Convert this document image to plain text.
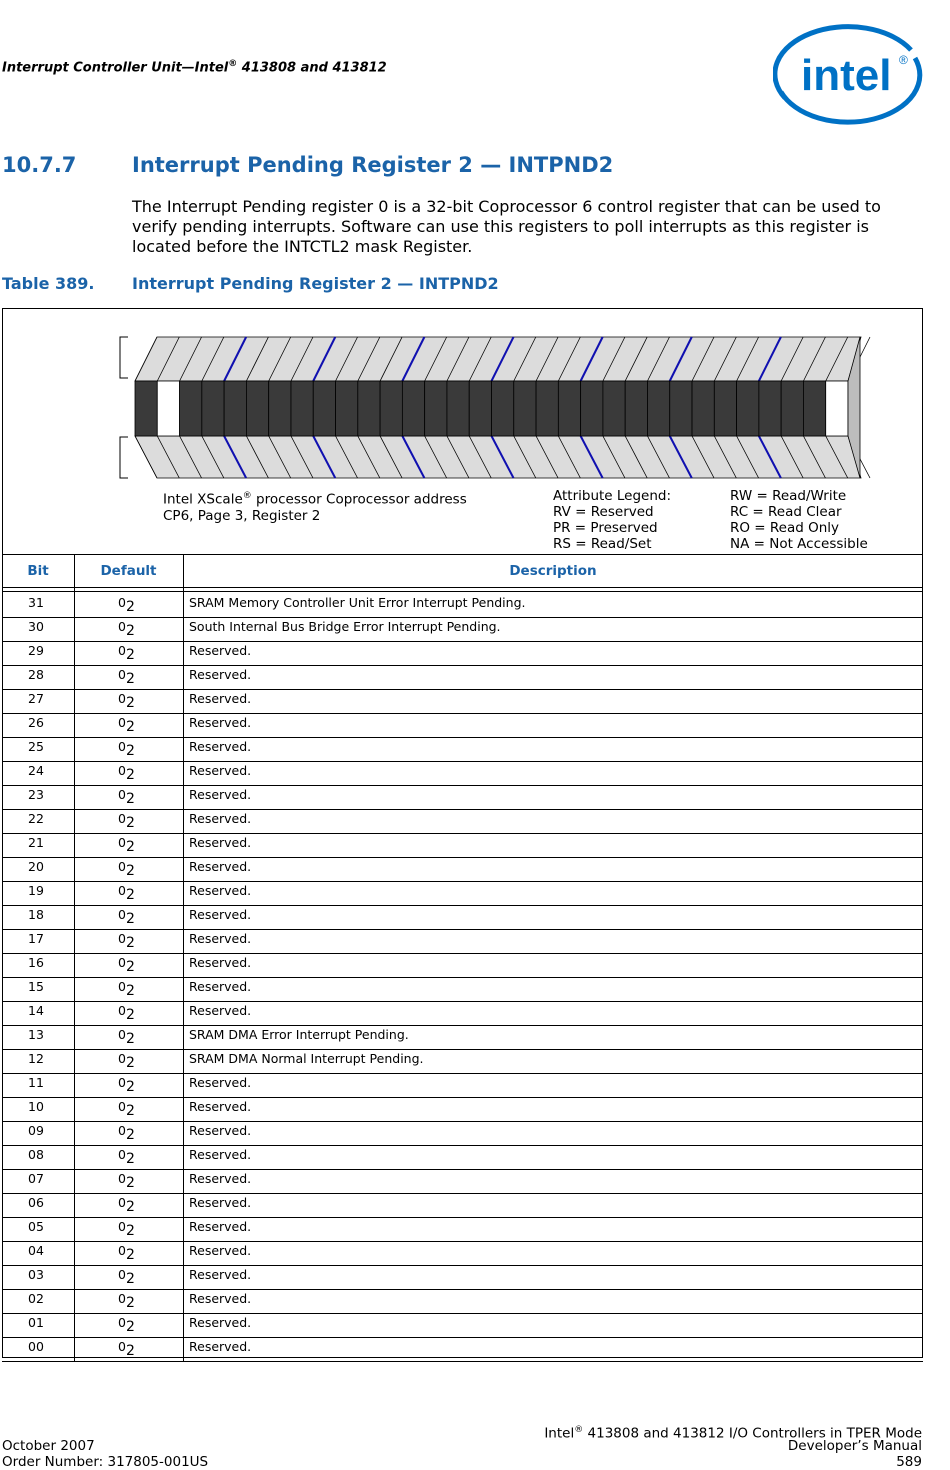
Interrupt Controller Unit—Intel® 413808 and 413812	intel ®
10.7.7	Interrupt Pending Register 2 — INTPND2
The Interrupt Pending register 0 is a 32-bit Coprocessor 6 control register that can be used to verify pending interrupts. Software can use this registers to poll interrupts as this register is located before the INTCTL2 mask Register.
Table 389. Interrupt Pending Register 2 — INTPND2
Intel XScale® processor Coprocessor address
CP6, Page 3, Register 2
Attribute Legend:
RV = Reserved
PR = Preserved
RS = Read/Set
RW = Read/Write
RC = Read Clear
RO = Read Only
NA = Not Accessible
Bit	Default	Description
31	$0_2$	SRAM Memory Controller Unit Error Interrupt Pending.
30	$0_2$	South Internal Bus Bridge Error Interrupt Pending.
29	$0_2$	Reserved.
28	$0_2$	Reserved.
27	$0_2$	Reserved.
26	$0_2$	Reserved.
25	$0_2$	Reserved.
24	$0_2$	Reserved.
23	$0_2$	Reserved.
22	$0_2$	Reserved.
21	$0_2$	Reserved.
20	$0_2$	Reserved.
19	$0_2$	Reserved.
18	$0_2$	Reserved.
17	$0_2$	Reserved.
16	$0_2$	Reserved.
15	$0_2$	Reserved.
14	$0_2$	Reserved.
13	$0_2$	SRAM DMA Error Interrupt Pending.
12	$0_2$	SRAM DMA Normal Interrupt Pending.
11	$0_2$	Reserved.
10	$0_2$	Reserved.
09	$0_2$	Reserved.
08	$0_2$	Reserved.
07	$0_2$	Reserved.
06	$0_2$	Reserved.
05	$0_2$	Reserved.
04	$0_2$	Reserved.
03	$0_2$	Reserved.
02	$0_2$	Reserved.
01	$0_2$	Reserved.
00	$0_2$	Reserved.
October 2007
Order Number: 317805-001US
Intel® 413808 and 413812 I/O Controllers in TPER Mode
Developer’s Manual
589
